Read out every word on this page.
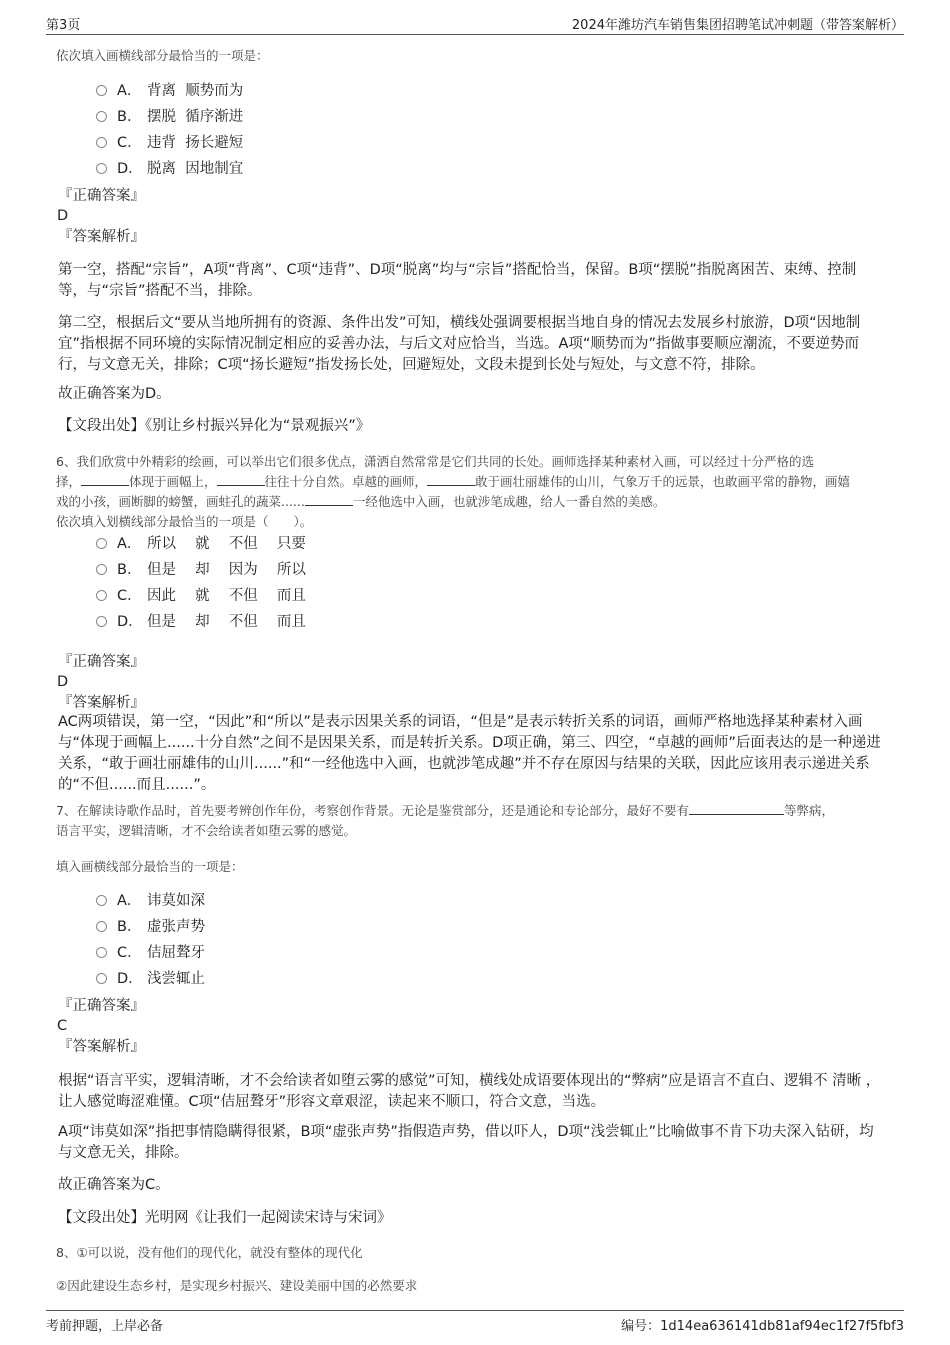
第3页	2024年潍坊汽车销售集团招聘笔试冲刺题（带答案解析）
依次填入画横线部分最恰当的一项是：
A． 背离  顺势而为
B． 摆脱  循序渐进
C． 违背  扬长避短
D． 脱离  因地制宜
『正确答案』
D
『答案解析』
第一空，搭配“宗旨”，A项“背离”、C项“违背”、D项“脱离”均与“宗旨”搭配恰当，保留。B项“摆脱”指脱离困苦、束缚、控制等，与“宗旨”搭配不当，排除。
第二空，根据后文“要从当地所拥有的资源、条件出发”可知，横线处强调要根据当地自身的情况去发展乡村旅游，D项“因地制宜”指根据不同环境的实际情况制定相应的妥善办法，与后文对应恰当，当选。A项“顺势而为”指做事要顺应潮流，不要逆势而行，与文意无关，排除；C项“扬长避短”指发扬长处，回避短处，文段未提到长处与短处，与文意不符，排除。
故正确答案为D。
【文段出处】《别让乡村振兴异化为“景观振兴”》
6、我们欣赏中外精彩的绘画，可以举出它们很多优点，潇洒自然常常是它们共同的长处。画师选择某种素材入画，可以经过十分严格的选
择，	体现于画幅上，	往往十分自然。卓越的画师，	敢于画壮丽雄伟的山川，气象万千的远景，也敢画平常的静物，画嬉
戏的小孩，画断脚的螃蟹，画蛀孔的蔬菜......	一经他选中入画，也就涉笔成趣，给人一番自然的美感。
依次填入划横线部分最恰当的一项是（　　）。
A． 所以　 就　 不但　 只要
B． 但是　 却　 因为　 所以
C． 因此　 就　 不但　 而且
D． 但是　 却　 不但　 而且
『正确答案』
D
『答案解析』
AC两项错误，第一空，“因此”和“所以”是表示因果关系的词语，“但是”是表示转折关系的词语，画师严格地选择某种素材入画与“体现于画幅上......十分自然”之间不是因果关系，而是转折关系。D项正确，第三、四空，“卓越的画师”后面表达的是一种递进关系，“敢于画壮丽雄伟的山川......”和“一经他选中入画，也就涉笔成趣”并不存在原因与结果的关联，因此应该用表示递进关系的“不但......而且......”。
7、在解读诗歌作品时，首先要考辨创作年份，考察创作背景。无论是鉴赏部分，还是通论和专论部分，最好不要有	等弊病，
语言平实，逻辑清晰，才不会给读者如堕云雾的感觉。
填入画横线部分最恰当的一项是：
A． 讳莫如深
B． 虚张声势
C． 佶屈聱牙
D． 浅尝辄止
『正确答案』
C
『答案解析』
根据“语言平实，逻辑清晰，才不会给读者如堕云雾的感觉”可知，横线处成语要体现出的“弊病”应是语言不直白、逻辑不 清晰 ，让人感觉晦涩难懂。C项“佶屈聱牙”形容文章艰涩，读起来不顺口，符合文意，当选。
A项“讳莫如深”指把事情隐瞒得很紧，B项“虚张声势”指假造声势，借以吓人，D项“浅尝辄止”比喻做事不肯下功夫深入钻研，均与文意无关，排除。
故正确答案为C。
【文段出处】光明网《让我们一起阅读宋诗与宋词》
8、①可以说，没有他们的现代化，就没有整体的现代化
②因此建设生态乡村，是实现乡村振兴、建设美丽中国的必然要求
考前押题，上岸必备	编号：1d14ea636141db81af94ec1f27f5fbf3
